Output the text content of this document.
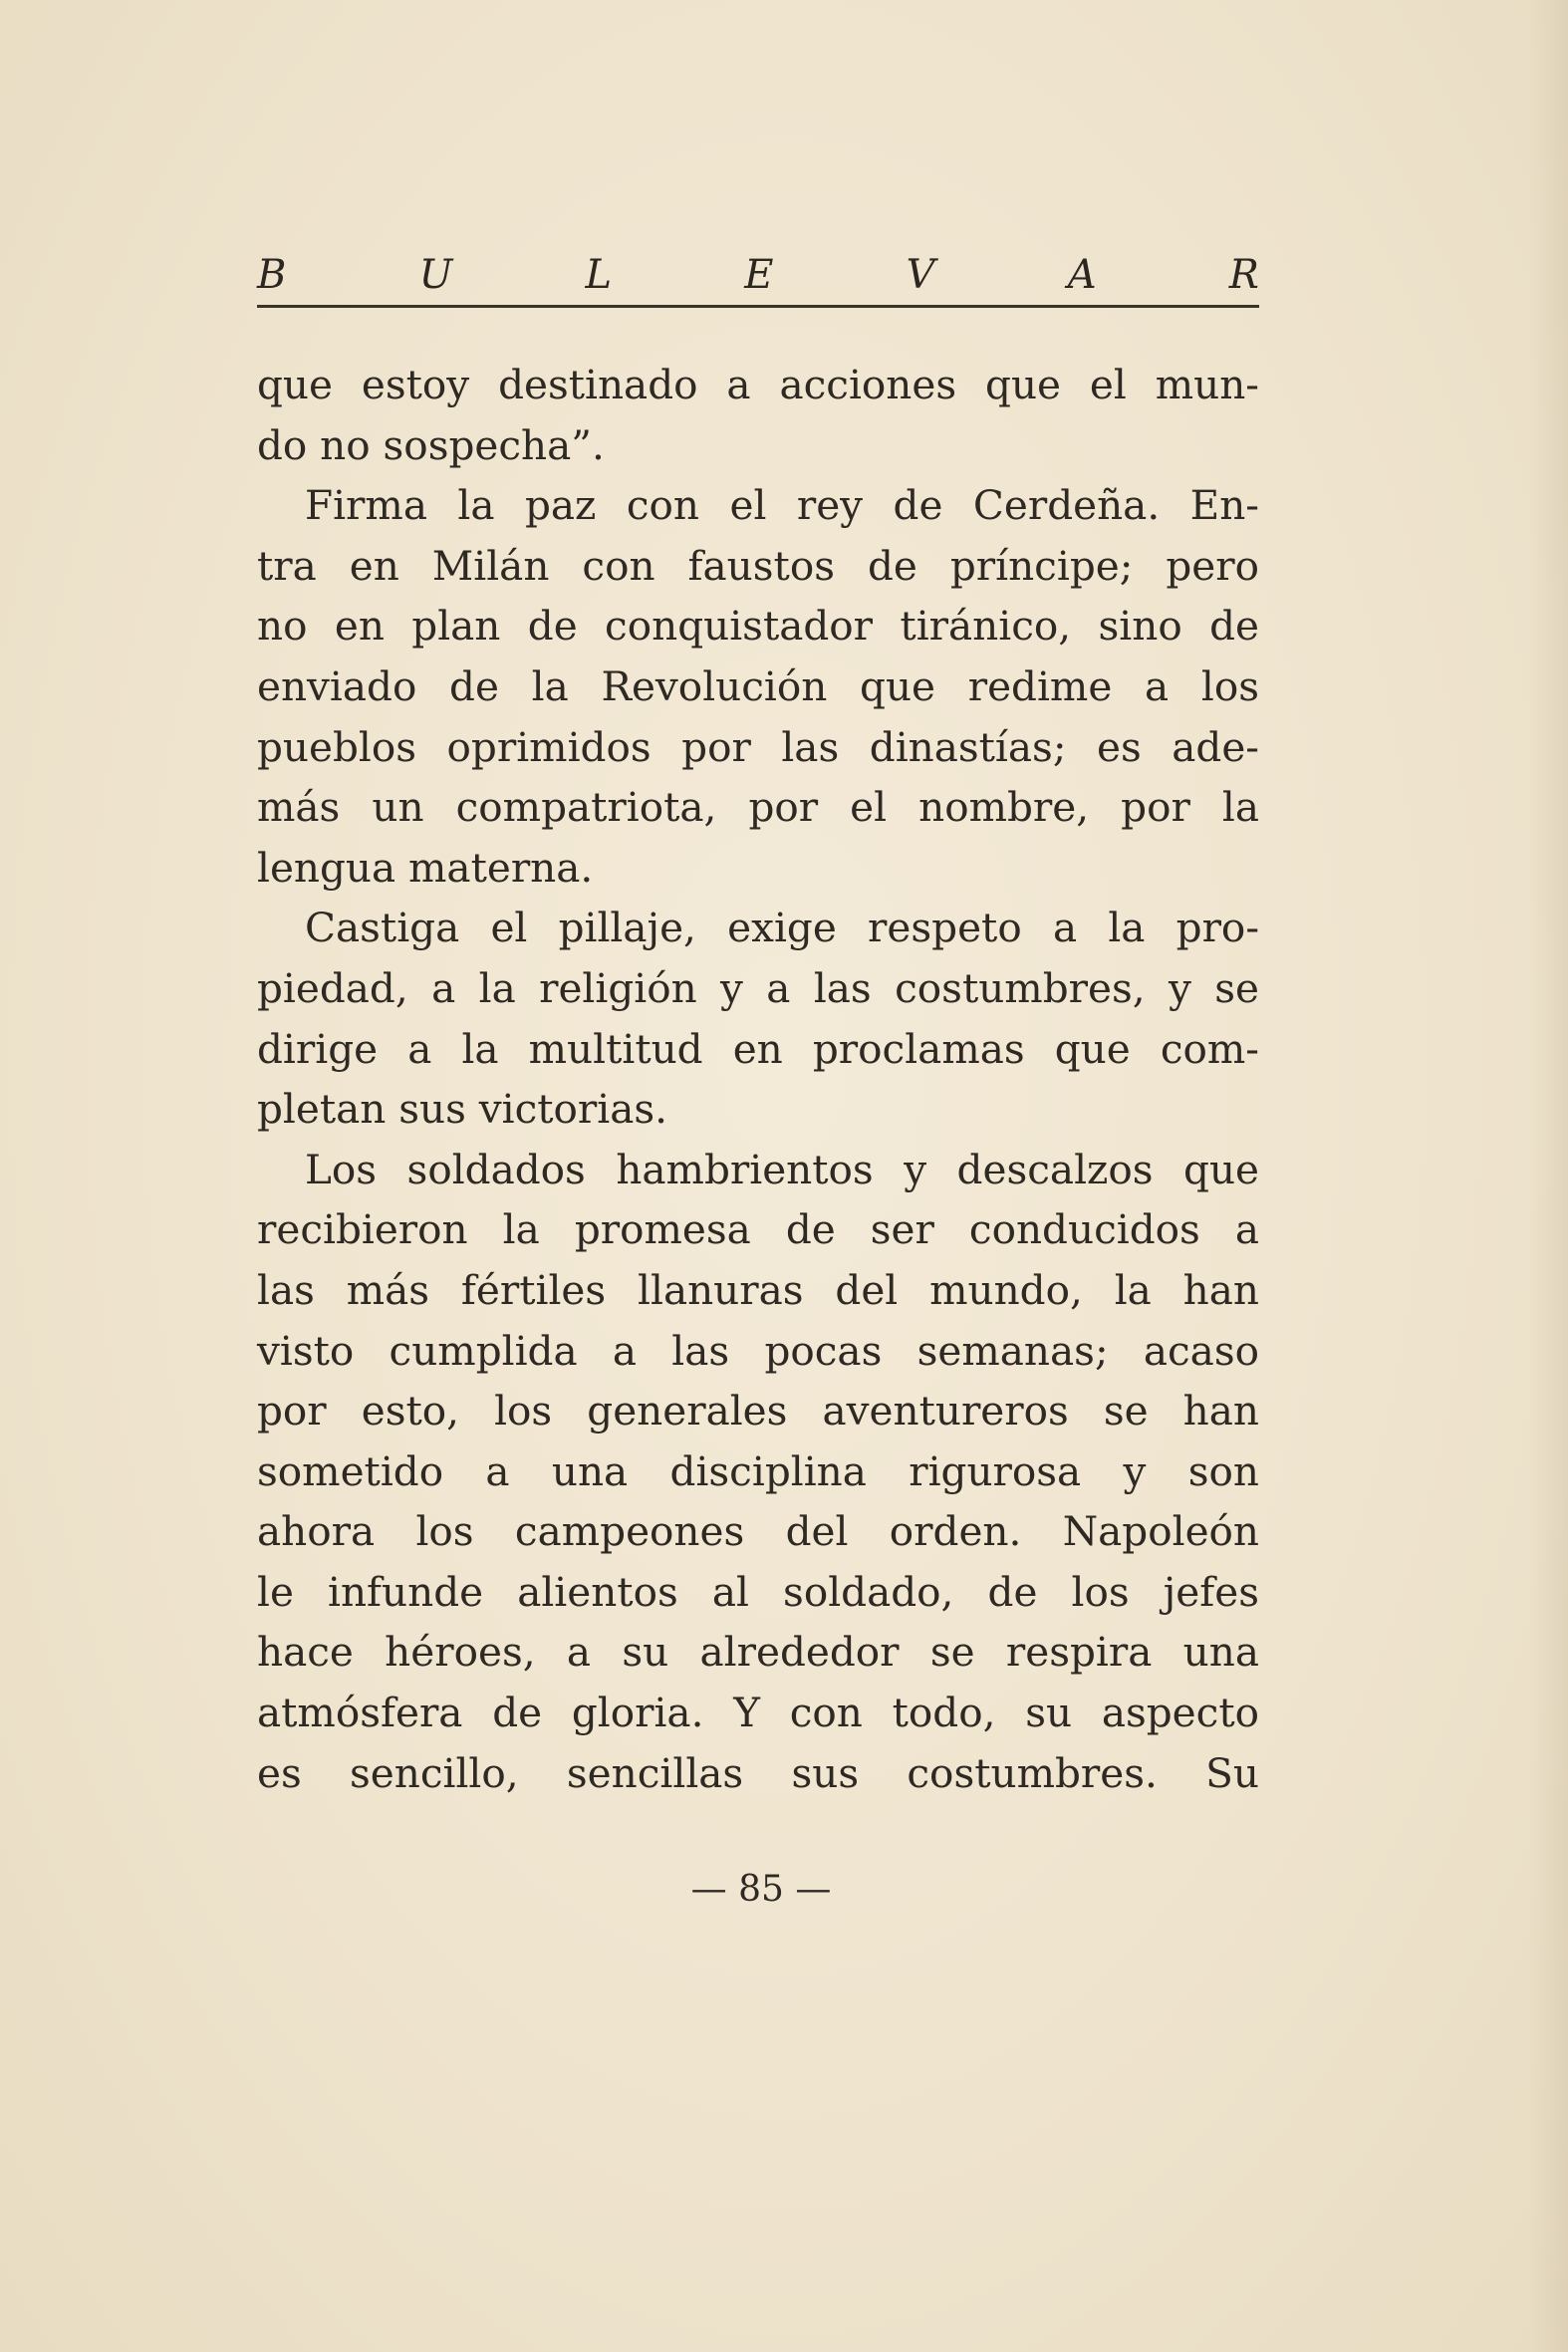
B	U	L	E	V	A	R

que estoy destinado a acciones que el mun-

do no sospecha”.

Firma la paz con el rey de Cerdeña. En-

tra en Milán con faustos de príncipe; pero

no en plan de conquistador tiránico, sino de

enviado de la Revolución que redime a los

pueblos oprimidos por las dinastías; es ade-

más un compatriota, por el nombre, por la

lengua materna.

Castiga el pillaje, exige respeto a la pro-

piedad, a la religión y a las costumbres, y se

dirige a la multitud en proclamas que com-

pletan sus victorias.

Los soldados hambrientos y descalzos que

recibieron la promesa de ser conducidos a

las más fértiles llanuras del mundo, la han

visto cumplida a las pocas semanas; acaso

por esto, los generales aventureros se han

sometido a una disciplina rigurosa y son

ahora los campeones del orden. Napoleón

le infunde alientos al soldado, de los jefes

hace héroes, a su alrededor se respira una

atmósfera de gloria. Y con todo, su aspecto

es sencillo, sencillas sus costumbres. Su

— 85 —
